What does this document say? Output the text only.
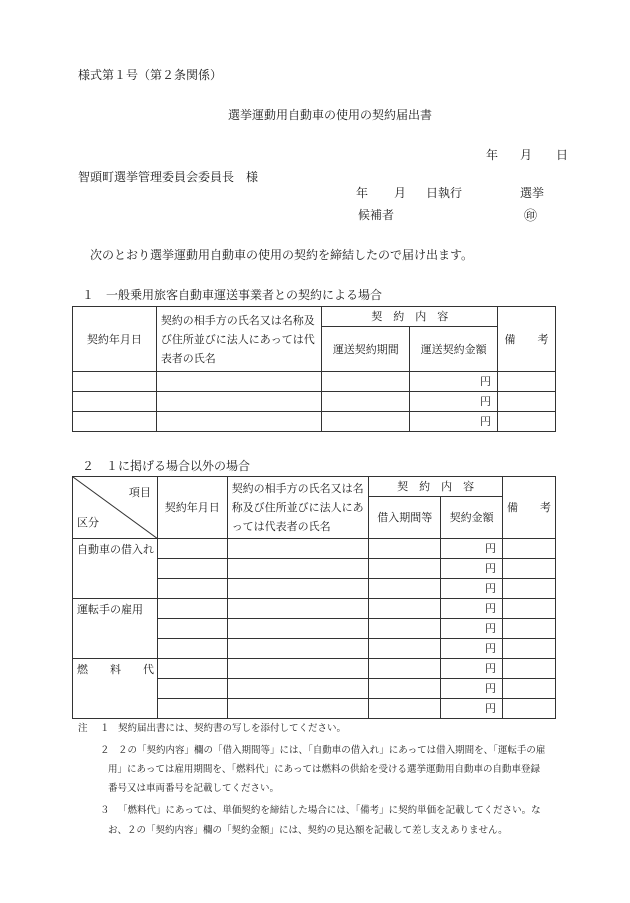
様式第１号（第２条関係）
選挙運動用自動車の使用の契約届出書
年 月 日
智頭町選挙管理委員会委員長　様
年 月 日執行	選挙
候補者	㊞
次のとおり選挙運動用自動車の使用の契約を締結したので届け出ます。
１　一般乗用旅客自動車運送事業者との契約による場合
契約年月日	契約の相手方の氏名又は名称及び住所並びに法人にあっては代表者の氏名	契　約　内　容		備　　考
		運送契約期間	運送契約金額	
			円	
			円	
			円	
２　１に掲げる場合以外の場合
項目
区分	契約年月日	契約の相手方の氏名又は名称及び住所並びに法人にあっては代表者の氏名	契　約　内　容		備　　考
			借入期間等	契約金額	
自動車の借入れ				円	
				円	
				円	
運転手の雇用				円	
				円	
				円	
燃　　料　　代				円	
				円	
				円	
注 １ 契約届出書には、契約書の写しを添付してください。
２ ２の「契約内容」欄の「借入期間等」には、「自動車の借入れ」にあっては借入期間を、「運転手の雇
用」にあっては雇用期間を、「燃料代」にあっては燃料の供給を受ける選挙運動用自動車の自動車登録
番号又は車両番号を記載してください。
３ 「燃料代」にあっては、単価契約を締結した場合には、「備考」に契約単価を記載してください。な
お、２の「契約内容」欄の「契約金額」には、契約の見込額を記載して差し支えありません。
